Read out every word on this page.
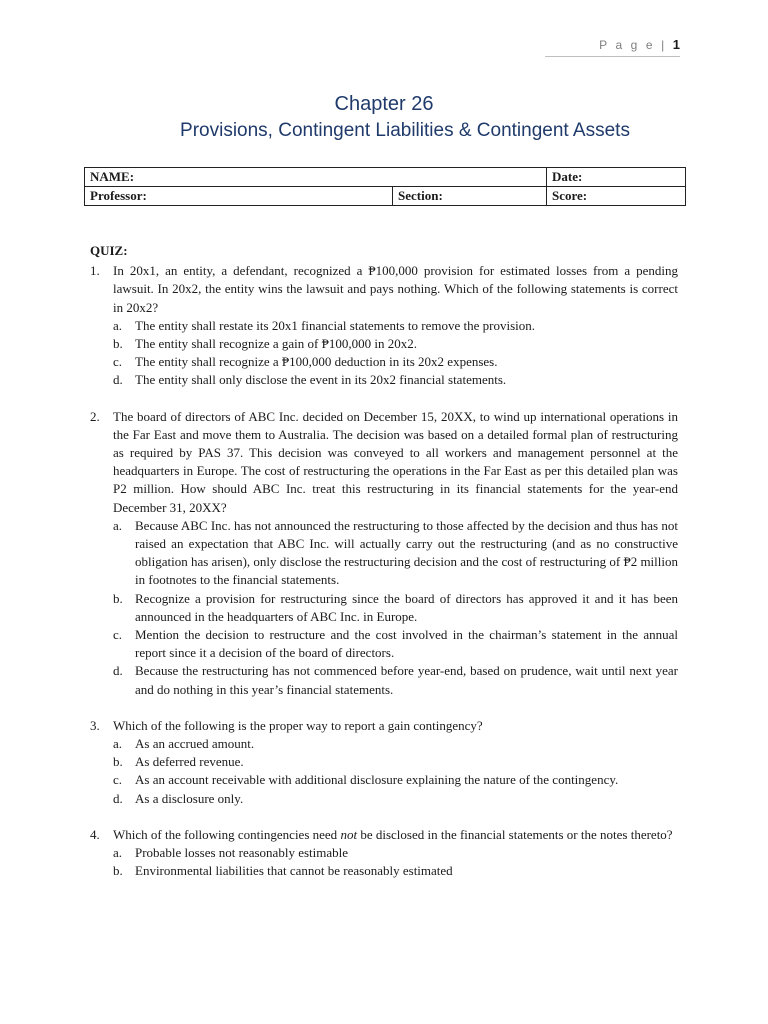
P a g e | 1
Chapter 26
Provisions, Contingent Liabilities & Contingent Assets
NAME:		Date:
Professor:	Section:	Score:
QUIZ:
1.	In 20x1, an entity, a defendant, recognized a ₱100,000 provision for estimated losses from a pending lawsuit. In 20x2, the entity wins the lawsuit and pays nothing. Which of the following statements is correct in 20x2?
a. The entity shall restate its 20x1 financial statements to remove the provision.
b. The entity shall recognize a gain of ₱100,000 in 20x2.
c. The entity shall recognize a ₱100,000 deduction in its 20x2 expenses.
d. The entity shall only disclose the event in its 20x2 financial statements.
2.	The board of directors of ABC Inc. decided on December 15, 20XX, to wind up international operations in the Far East and move them to Australia. The decision was based on a detailed formal plan of restructuring as required by PAS 37. This decision was conveyed to all workers and management personnel at the headquarters in Europe. The cost of restructuring the operations in the Far East as per this detailed plan was P2 million. How should ABC Inc. treat this restructuring in its financial statements for the year-end December 31, 20XX?
a. Because ABC Inc. has not announced the restructuring to those affected by the decision and thus has not raised an expectation that ABC Inc. will actually carry out the restructuring (and as no constructive obligation has arisen), only disclose the restructuring decision and the cost of restructuring of ₱2 million in footnotes to the financial statements.
b. Recognize a provision for restructuring since the board of directors has approved it and it has been announced in the headquarters of ABC Inc. in Europe.
c. Mention the decision to restructure and the cost involved in the chairman’s statement in the annual report since it a decision of the board of directors.
d. Because the restructuring has not commenced before year-end, based on prudence, wait until next year and do nothing in this year’s financial statements.
3.	Which of the following is the proper way to report a gain contingency?
a. As an accrued amount.
b. As deferred revenue.
c. As an account receivable with additional disclosure explaining the nature of the contingency.
d. As a disclosure only.
4.	Which of the following contingencies need not be disclosed in the financial statements or the notes thereto?
a. Probable losses not reasonably estimable
b. Environmental liabilities that cannot be reasonably estimated
